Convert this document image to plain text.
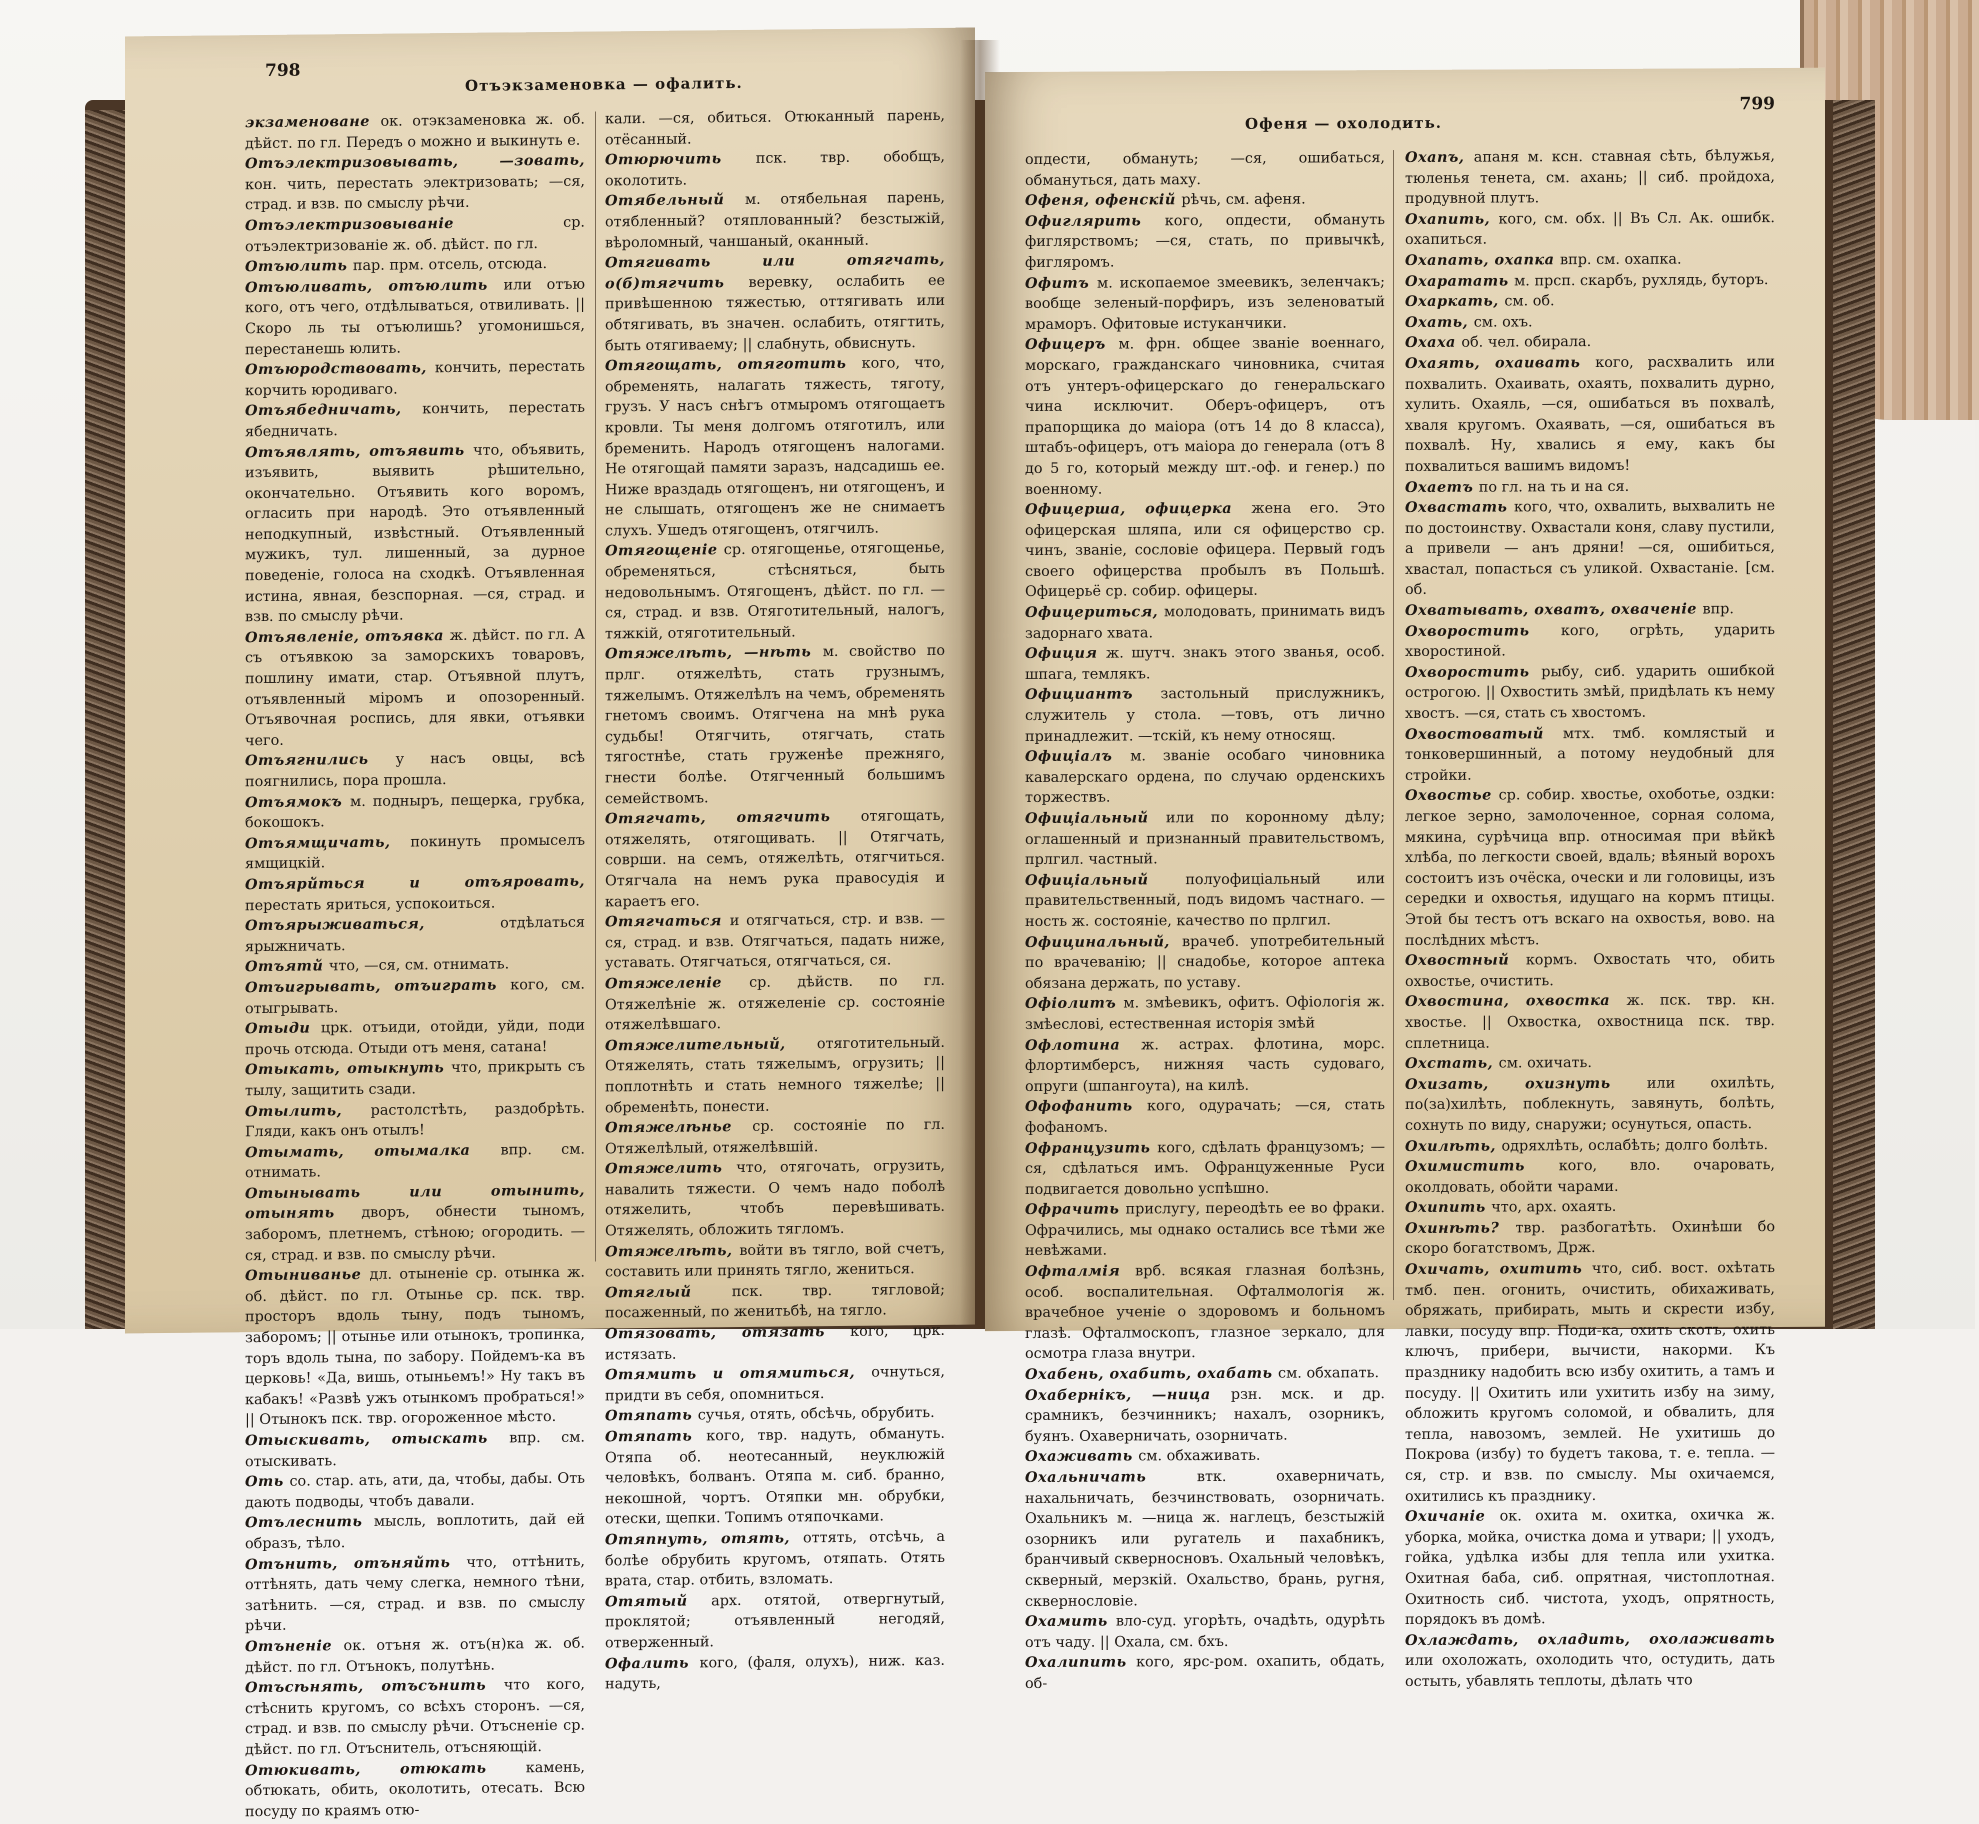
798
Отъэкзаменовка — офалить.

экзаменоване ок. отэкзаменовка ж. об. дѣйст. по гл. Передъ о можно и выкинуть е.

Отъэлектризовывать, —зовать, кон. чить, перестать электризовать; —ся, страд. и взв. по смыслу рѣчи.

Отъэлектризовываніе ср. отъэлектризованіе ж. об. дѣйст. по гл.

Отъюлить пар. прм. отсель, отсюда.

Отъюливать, отъюлить или отъю кого, отъ чего, отдѣлываться, отвиливать. || Скоро ль ты отъюлишь? угомонишься, перестанешь юлить.

Отъюродствовать, кончить, перестать корчить юродиваго.

Отъябедничать, кончить, перестать ябедничать.

Отъявлять, отъявить что, объявить, изъявить, выявить рѣшительно, окончательно. Отъявить кого воромъ, огласить при народѣ. Это отъявленный неподкупный, извѣстный. Отъявленный мужикъ, тул. лишенный, за дурное поведеніе, голоса на сходкѣ. Отъявленная истина, явная, безспорная. —ся, страд. и взв. по смыслу рѣчи.

Отъявленіе, отъявка ж. дѣйст. по гл. А съ отъявкою за заморскихъ товаровъ, пошлину имати, стар. Отъявной плутъ, отъявленный міромъ и опозоренный. Отъявочная роспись, для явки, отъявки чего.

Отъягнились у насъ овцы, всѣ поягнились, пора прошла.

Отъямокъ м. подныръ, пещерка, грубка, бокошокъ.

Отъямщичать, покинуть промыселъ ямщицкій.

Отъярйться и отъяровать, перестать яриться, успокоиться.

Отъярыживаться, отдѣлаться ярыжничать.

Отъятй что, —ся, см. отнимать.

Отъигрывать, отъиграть кого, см. отыгрывать.

Отыди црк. отъиди, отойди, уйди, поди прочь отсюда. Отыди отъ меня, сатана!

Отыкать, отыкнуть что, прикрыть съ тылу, защитить сзади.

Отылить, растолстѣть, раздобрѣть. Гляди, какъ онъ отылъ!

Отымать, отымалка впр. см. отнимать.

Отынывать или отынить, отынять дворъ, обнести тыномъ, заборомъ, плетнемъ, стѣною; огородить. —ся, страд. и взв. по смыслу рѣчи.

Отыниванье дл. отыненіе ср. отынка ж. об. дѣйст. по гл. Отынье ср. пск. твр. просторъ вдоль тыну, подъ тыномъ, заборомъ; || отынье или отынокъ, тропинка, торъ вдоль тына, по забору. Пойдемъ-ка въ церковь! «Да, вишь, отыньемъ!» Ну такъ въ кабакъ! «Развѣ ужъ отынкомъ пробраться!» || Отынокъ пск. твр. огороженное мѣсто.

Отыскивать, отыскать впр. см. отыскивать.

Оть со. стар. ать, ати, да, чтобы, дабы. Оть дають подводы, чтобъ давали.

Отълеснить мысль, воплотить, дай ей образъ, тѣло.

Отънить, отъняйть что, оттѣнить, оттѣнять, дать чему слегка, немного тѣни, затѣнить. —ся, страд. и взв. по смыслу рѣчи.

Отъненіе ок. отъня ж. отъ(н)ка ж. об. дѣйст. по гл. Отънокъ, полутѣнь.

Отъсѣнять, отъсънить что кого, стѣснить кругомъ, со всѣхъ сторонъ. —ся, страд. и взв. по смыслу рѣчи. Отъсненіе ср. дѣйст. по гл. Отъснитель, отъсняющій.

Отюкивать, отюкать камень, обтюкать, обить, околотить, отесать. Всю посуду по краямъ отю-

кали. —ся, обиться. Отюканный парень, отёсанный.

Отюрючить пск. твр. обобщъ, околотить.

Отябельный м. отябельная парень, отябленный? отяплованный? безстыжій, вѣроломный, чаншаный, оканный.

Отягивать или отягчать, о(б)тягчить веревку, ослабить ее привѣшенною тяжестью, оттягивать или обтягивать, въ значен. ослабить, отягтить, быть отягиваему; || слабнуть, обвиснуть.

Отягощать, отяготить кого, что, обременять, налагать тяжесть, тяготу, грузъ. У насъ снѣгъ отмыромъ отягощаетъ кровли. Ты меня долгомъ отяготилъ, или бременить. Народъ отягощенъ налогами. Не отягощай памяти заразъ, надсадишь ее. Ниже враздадь отягощенъ, ни отягощенъ, и не слышать, отягощенъ же не снимаетъ слухъ. Ушедъ отягощенъ, отягчилъ.

Отягощеніе ср. отягощенье, отягощенье, обременяться, стѣсняться, быть недовольнымъ. Отягощенъ, дѣйст. по гл. —ся, страд. и взв. Отяготительный, налогъ, тяжкій, отяготительный.

Отяжелѣть, —нѣть м. свойство по прлг. отяжелѣть, стать грузнымъ, тяжелымъ. Отяжелѣлъ на чемъ, обременять гнетомъ своимъ. Отягчена на мнѣ рука судьбы! Отягчить, отягчать, стать тягостнѣе, стать груженѣе прежняго, гнести болѣе. Отягченный большимъ семействомъ.

Отягчать, отягчить отягощать, отяжелять, отягощивать. || Отягчать, соврши. на семъ, отяжелѣть, отягчиться. Отягчала на немъ рука правосудія и караетъ его.

Отягчаться и отягчаться, стр. и взв. —ся, страд. и взв. Отягчаться, падать ниже, уставать. Отягчаться, отягчаться, ся.

Отяжеленіе ср. дѣйств. по гл. Отяжелѣніе ж. отяжеленіе ср. состояніе отяжелѣвшаго.

Отяжелительный, отяготительный. Отяжелять, стать тяжелымъ, огрузить; || поплотнѣть и стать немного тяжелѣе; || обременѣть, понести.

Отяжелѣнье ср. состояніе по гл. Отяжелѣлый, отяжелѣвшій.

Отяжелить что, отягочать, огрузить, навалить тяжести. О чемъ надо поболѣ отяжелить, чтобъ перевѣшивать. Отяжелять, обложить тягломъ.

Отяжелѣть, войти въ тягло, вой счетъ, составить или принять тягло, жениться.

Отяглый пск. твр. тягловой; посаженный, по женитьбѣ, на тягло.

Отязовать, отязать кого, црк. истязать.

Отямить и отямиться, очнуться, придти въ себя, опомниться.

Отяпать сучья, отять, обсѣчь, обрубить.

Отяпать кого, твр. надуть, обмануть. Отяпа об. неотесанный, неуклюжій человѣкъ, болванъ. Отяпа м. сиб. бранно, некошной, чортъ. Отяпки мн. обрубки, отески, щепки. Топимъ отяпочками.

Отяпнуть, отять, оттять, отсѣчь, а болѣе обрубить кругомъ, отяпать. Отять врата, стар. отбить, взломать.

Отятый арх. отятой, отвергнутый, проклятой; отъявленный негодяй, отверженный.

Офалить кого, (фаля, олухъ), ниж. каз. надуть,

799
Офеня — охолодить.

опдести, обмануть; —ся, ошибаться, обмануться, дать маху.

Офеня, офенскій рѣчь, см. афеня.

Офиглярить кого, опдести, обмануть фиглярствомъ; —ся, стать, по привычкѣ, фигляромъ.

Офитъ м. ископаемое змеевикъ, зеленчакъ; вообще зеленый-порфиръ, изъ зеленоватый мраморъ. Офитовые истуканчики.

Офицеръ м. фрн. общее званіе военнаго, морскаго, гражданскаго чиновника, считая отъ унтеръ-офицерскаго до генеральскаго чина исключит. Оберъ-офицеръ, отъ прапорщика до маіора (отъ 14 до 8 класса), штабъ-офицеръ, отъ маіора до генерала (отъ 8 до 5 го, который между шт.-оф. и генер.) по военному.

Офицерша, офицерка жена его. Это офицерская шляпа, или ся офицерство ср. чинъ, званіе, сословіе офицера. Первый годъ своего офицерства пробылъ въ Польшѣ. Офицерьё ср. собир. офицеры.

Офицериться, молодовать, принимать видъ задорнаго хвата.

Официя ж. шутч. знакъ этого званья, особ. шпага, темлякъ.

Официантъ застольный прислужникъ, служитель у стола. —товъ, отъ лично принадлежит. —тскій, къ нему относящ.

Офиціалъ м. званіе особаго чиновника кавалерскаго ордена, по случаю орденскихъ торжествъ.

Офиціальный или по коронному дѣлу; оглашенный и признанный правительствомъ, прлгил. частный.

Офиціальный полуофиціальный или правительственный, подъ видомъ частнаго. —ность ж. состояніе, качество по прлгил.

Официнальный, врачеб. употребительный по врачеванію; || снадобье, которое аптека обязана держать, по уставу.

Офіолитъ м. змѣевикъ, офитъ. Офіологія ж. змѣеслові, естественная исторія змѣй

Офлотина ж. астрах. флотина, морс. флортимберсъ, нижняя часть судоваго, опруги (шпангоута), на килѣ.

Офофанить кого, одурачать; —ся, стать фофаномъ.

Офранцузить кого, сдѣлать французомъ; —ся, сдѣлаться имъ. Офранцуженные Руси подвигается довольно успѣшно.

Офрачить прислугу, переодѣть ее во фраки. Офрачились, мы однако остались все тѣми же невѣжами.

Офталмія врб. всякая глазная болѣзнь, особ. воспалительная. Офталмологія ж. врачебное ученіе о здоровомъ и больномъ глазѣ. Офталмоскопъ, глазное зеркало, для осмотра глаза внутри.

Охабень, охабить, охабать см. обхапать.

Охабернікъ, —ница рзн. мск. и др. срамникъ, безчинникъ; нахалъ, озорникъ, буянъ. Охаверничать, озорничать.

Охаживать см. обхаживать.

Охальничать втк. охаверничать, нахальничать, безчинствовать, озорничать. Охальникъ м. —ница ж. наглецъ, безстыжій озорникъ или ругатель и пахабникъ, бранчивый скверносновъ. Охальный человѣкъ, скверный, мерзкій. Охальство, брань, ругня, сквернословіе.

Охамить вло-суд. угорѣть, очадѣть, одурѣть отъ чаду. || Охала, см. бхъ.

Охалипить кого, ярс-ром. охапить, обдать, об-

Охапъ, апаня м. ксн. ставная сѣть, бѣлужья, тюленья тенета, см. ахань; || сиб. пройдоха, продувной плутъ.

Охапить, кого, см. обх. || Въ Сл. Ак. ошибк. охапиться.

Охапать, охапка впр. см. охапка.

Охаратать м. прсп. скарбъ, рухлядь, буторъ.

Охаркать, см. об.

Охать, см. охъ.

Охаха об. чел. обирала.

Охаять, охаивать кого, расхвалить или похвалить. Охаивать, охаять, похвалить дурно, хулить. Охаяль, —ся, ошибаться въ похвалѣ, хваля кругомъ. Охаявать, —ся, ошибаться въ похвалѣ. Ну, хвались я ему, какъ бы похвалиться вашимъ видомъ!

Охаетъ по гл. на ть и на ся.

Охвастать кого, что, охвалить, выхвалить не по достоинству. Охвастали коня, славу пустили, а привели — анъ дряни! —ся, ошибиться, хвастал, попасться съ уликой. Охвастаніе. [см. об.

Охватывать, охватъ, охваченіе впр.

Охворостить кого, огрѣть, ударить хворостиной.

Охворостить рыбу, сиб. ударить ошибкой острогою. || Охвостить змѣй, придѣлать къ нему хвостъ. —ся, стать съ хвостомъ.

Охвостоватый мтх. тмб. комлястый и тонковершинный, а потому неудобный для стройки.

Охвостье ср. собир. хвостье, охоботье, оздки: легкое зерно, замолоченное, сорная солома, мякина, сурѣчица впр. относимая при вѣйкѣ хлѣба, по легкости своей, вдаль; вѣяный ворохъ состоитъ изъ очёска, очески и ли головицы, изъ середки и охвостья, идущаго на кормъ птицы. Этой бы тестъ отъ вскаго на охвостья, вово. на послѣдних мѣстъ.

Охвостный кормъ. Охвостать что, обить охвостье, очистить.

Охвостина, охвостка ж. пск. твр. кн. хвостье. || Охвостка, охвостница пск. твр. сплетница.

Охстать, см. охичать.

Охизать, охизнуть или охилѣть, по(за)хилѣть, поблекнуть, завянуть, болѣть, сохнуть по виду, снаружи; осунуться, опасть.

Охилѣть, одряхлѣть, ослабѣть; долго болѣть.

Охимистить кого, вло. очаровать, околдовать, обойти чарами.

Охипить что, арх. охаять.

Охинѣть? твр. разбогатѣть. Охинѣши бо скоро богатствомъ, Држ.

Охичать, охитить что, сиб. вост. охѣтать тмб. пен. огонить, очистить, обихаживать, обряжать, прибирать, мыть и скрести избу, лавки, посуду впр. Поди-ка, охить скотъ, охить ключъ, прибери, вычисти, накорми. Къ празднику надобить всю избу охитить, а тамъ и посуду. || Охитить или ухитить избу на зиму, обложить кругомъ соломой, и обвалить, для тепла, навозомъ, землей. Не ухитишь до Покрова (избу) то будетъ такова, т. е. тепла. —ся, стр. и взв. по смыслу. Мы охичаемся, охитились къ празднику.

Охичаніе ок. охита м. охитка, охичка ж. уборка, мойка, очистка дома и утвари; || уходъ, гойка, удѣлка избы для тепла или ухитка. Охитная баба, сиб. опрятная, чистоплотная. Охитность сиб. чистота, уходъ, опрятность, порядокъ въ домѣ.

Охлаждать, охладить, охолаживать или охоложать, охолодить что, остудить, дать остыть, убавлять теплоты, дѣлать что
